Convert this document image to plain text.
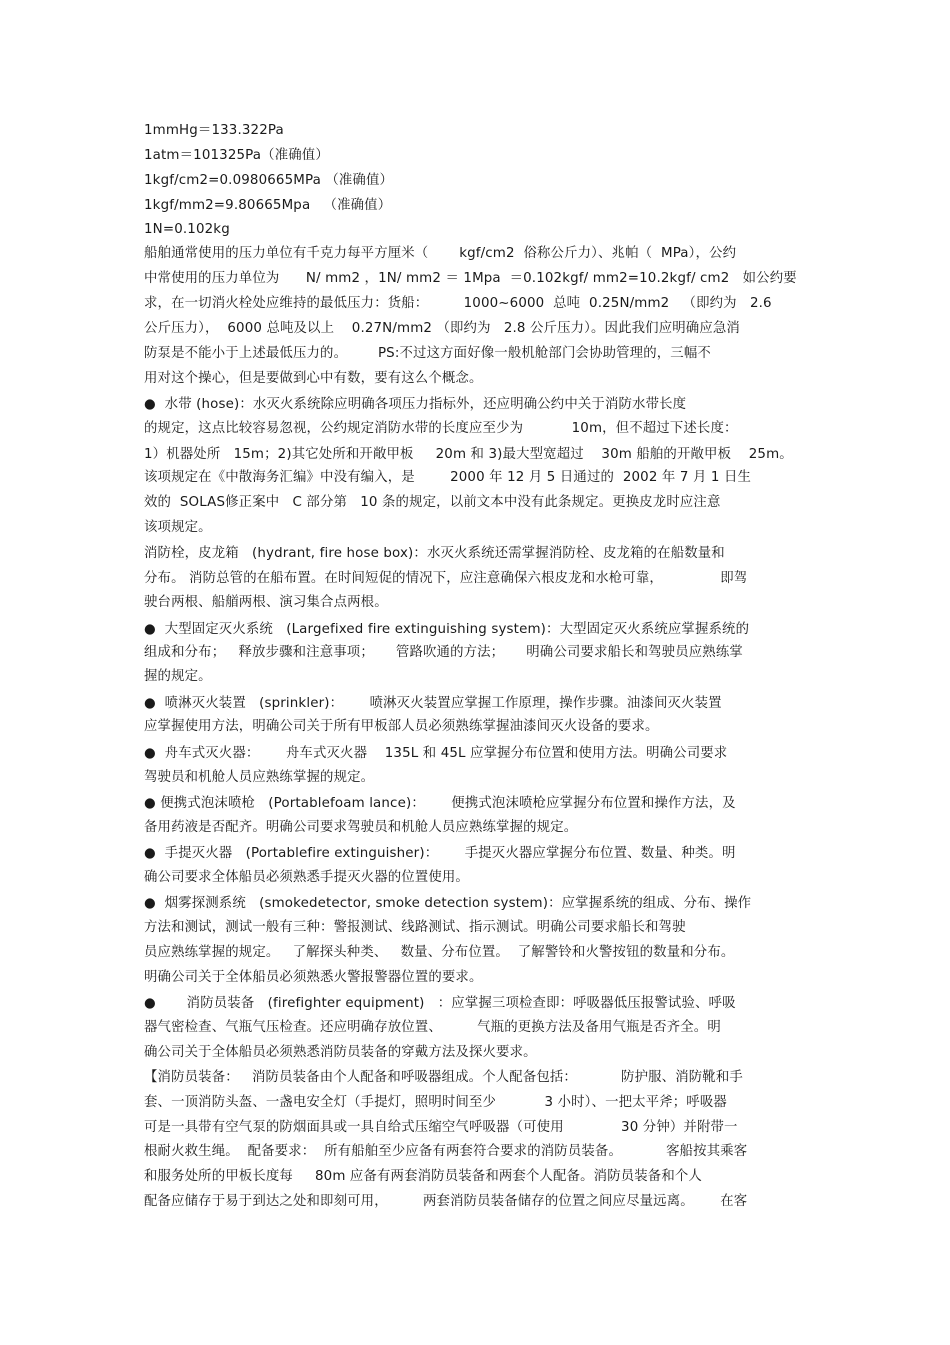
1mmHg＝133.322Pa
1atm＝101325Pa（准确值）
1kgf/cm2=0.0980665MPa （准确值）
1kgf/mm2=9.80665Mpa   （准确值）
1N=0.102kg
船舶通常使用的压力单位有千克力每平方厘米（       kgf/cm2  俗称公斤力）、兆帕（  MPa），公约
中常使用的压力单位为      N/ mm2 ，1N/ mm2 ＝ 1Mpa  ＝0.102kgf/ mm2=10.2kgf/ cm2   如公约要
求，在一切消火栓处应维持的最低压力：货船：        1000~6000  总吨  0.25N/mm2   （即约为   2.6
公斤压力），  6000 总吨及以上    0.27N/mm2 （即约为   2.8 公斤压力）。因此我们应明确应急消
防泵是不能小于上述最低压力的。       PS:不过这方面好像一般机舱部门会协助管理的，三幅不
用对这个操心，但是要做到心中有数，要有这么个概念。
●  水带 (hose)：水灭火系统除应明确各项压力指标外，还应明确公约中关于消防水带长度
的规定，这点比较容易忽视，公约规定消防水带的长度应至少为           10m，但不超过下述长度：
1）机器处所   15m；2)其它处所和开敞甲板     20m 和 3)最大型宽超过    30m 船舶的开敞甲板    25m。
该项规定在《中散海务汇编》中没有编入，是        2000 年 12 月 5 日通过的  2002 年 7 月 1 日生
效的  SOLAS修正案中   C 部分第   10 条的规定，以前文本中没有此条规定。更换皮龙时应注意
该项规定。
消防栓，皮龙箱   (hydrant, fire hose box)：水灭火系统还需掌握消防栓、皮龙箱的在船数量和
分布。 消防总管的在船布置。在时间短促的情况下，应注意确保六根皮龙和水枪可靠，             即驾
驶台两根、船艏两根、演习集合点两根。
●  大型固定灭火系统   (Largefixed fire extinguishing system)：大型固定灭火系统应掌握系统的
组成和分布；   释放步骤和注意事项；     管路吹通的方法；     明确公司要求船长和驾驶员应熟练掌
握的规定。
●  喷淋灭火装置   (sprinkler)：      喷淋灭火装置应掌握工作原理，操作步骤。油漆间灭火装置
应掌握使用方法，明确公司关于所有甲板部人员必须熟练掌握油漆间灭火设备的要求。
●  舟车式灭火器：      舟车式灭火器    135L 和 45L 应掌握分布位置和使用方法。明确公司要求
驾驶员和机舱人员应熟练掌握的规定。
● 便携式泡沫喷枪   (Portablefoam lance)：      便携式泡沫喷枪应掌握分布位置和操作方法，及
备用药液是否配齐。明确公司要求驾驶员和机舱人员应熟练掌握的规定。
●  手提灭火器   (Portablefire extinguisher)：      手提灭火器应掌握分布位置、数量、种类。明
确公司要求全体船员必须熟悉手提灭火器的位置使用。
●  烟雾探测系统   (smokedetector, smoke detection system)：应掌握系统的组成、分布、操作
方法和测试，测试一般有三种：警报测试、线路测试、指示测试。明确公司要求船长和驾驶
员应熟练掌握的规定。   了解探头种类、   数量、分布位置。  了解警铃和火警按钮的数量和分布。
明确公司关于全体船员必须熟悉火警报警器位置的要求。
●       消防员装备   (firefighter equipment)   ：应掌握三项检查即：呼吸器低压报警试验、呼吸
器气密检查、气瓶气压检查。还应明确存放位置、        气瓶的更换方法及备用气瓶是否齐全。明
确公司关于全体船员必须熟悉消防员装备的穿戴方法及探火要求。
【消防员装备：   消防员装备由个人配备和呼吸器组成。个人配备包括：          防护服、消防靴和手
套、一顶消防头盔、一盏电安全灯（手提灯，照明时间至少           3 小时）、一把太平斧；呼吸器
可是一具带有空气泵的防烟面具或一具自给式压缩空气呼吸器（可使用             30 分钟）并附带一
根耐火救生绳。  配备要求：  所有船舶至少应备有两套符合要求的消防员装备。          客船按其乘客
和服务处所的甲板长度每     80m 应备有两套消防员装备和两套个人配备。消防员装备和个人
配备应储存于易于到达之处和即刻可用，        两套消防员装备储存的位置之间应尽量远离。      在客
